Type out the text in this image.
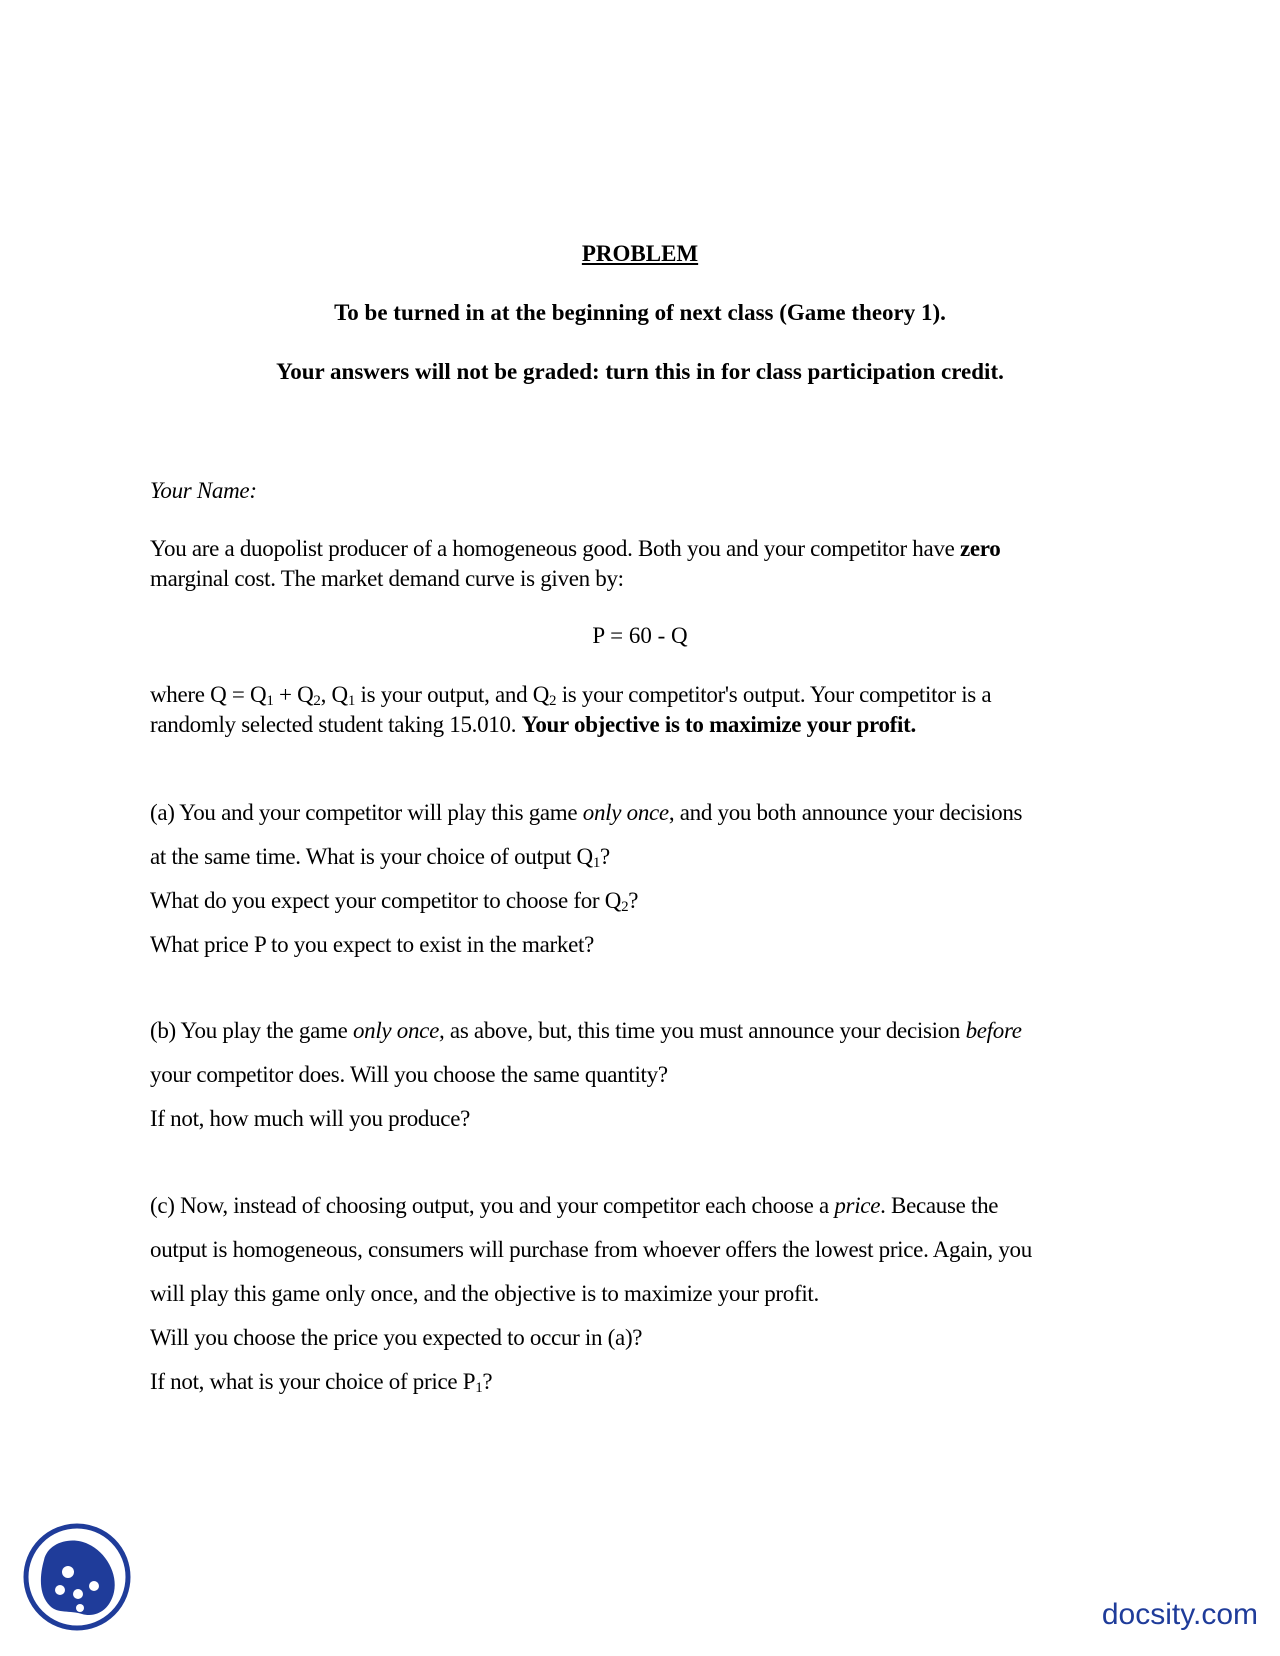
PROBLEM
To be turned in at the beginning of next class (Game theory 1).
Your answers will not be graded: turn this in for class participation credit.
Your Name:
You are a duopolist producer of a homogeneous good. Both you and your competitor have zero
marginal cost. The market demand curve is given by:
P = 60 - Q
where $Q = Q_1 + Q_2$, $Q_1$ is your output, and $Q_2$ is your competitor's output. Your competitor is a
randomly selected student taking 15.010. Your objective is to maximize your profit.
(a) You and your competitor will play this game only once, and you both announce your decisions
at the same time. What is your choice of output $Q_1$?
What do you expect your competitor to choose for $Q_2$?
What price P to you expect to exist in the market?
(b) You play the game only once, as above, but, this time you must announce your decision before
your competitor does. Will you choose the same quantity?
If not, how much will you produce?
(c) Now, instead of choosing output, you and your competitor each choose a price. Because the
output is homogeneous, consumers will purchase from whoever offers the lowest price. Again, you
will play this game only once, and the objective is to maximize your profit.
Will you choose the price you expected to occur in (a)?
If not, what is your choice of price $P_1$?
docsity.com
